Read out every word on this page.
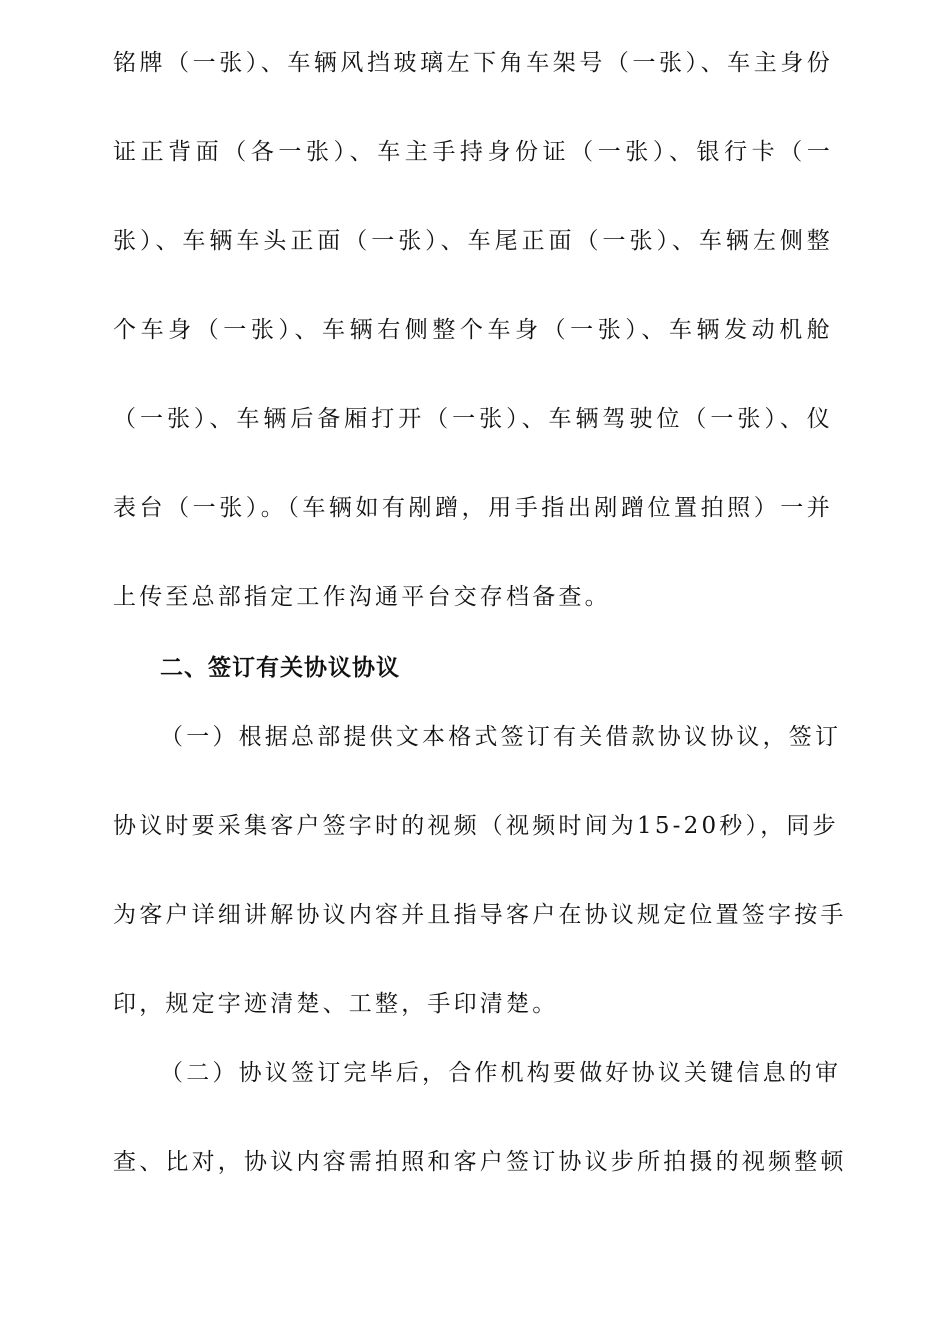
铭牌（一张）、车辆风挡玻璃左下角车架号（一张）、车主身份
证正背面（各一张）、车主手持身份证（一张）、银行卡（一
张）、车辆车头正面（一张）、车尾正面（一张）、车辆左侧整
个车身（一张）、车辆右侧整个车身（一张）、车辆发动机舱
（一张）、车辆后备厢打开（一张）、车辆驾驶位（一张）、仪
表台（一张）。（车辆如有剐蹭，用手指出剐蹭位置拍照）一并
上传至总部指定工作沟通平台交存档备查。
二、签订有关协议协议
（一）根据总部提供文本格式签订有关借款协议协议，签订
协议时要采集客户签字时的视频（视频时间为15-20秒），同步
为客户详细讲解协议内容并且指导客户在协议规定位置签字按手
印，规定字迹清楚、工整，手印清楚。
（二）协议签订完毕后，合作机构要做好协议关键信息的审
查、比对，协议内容需拍照和客户签订协议步所拍摄的视频整顿
